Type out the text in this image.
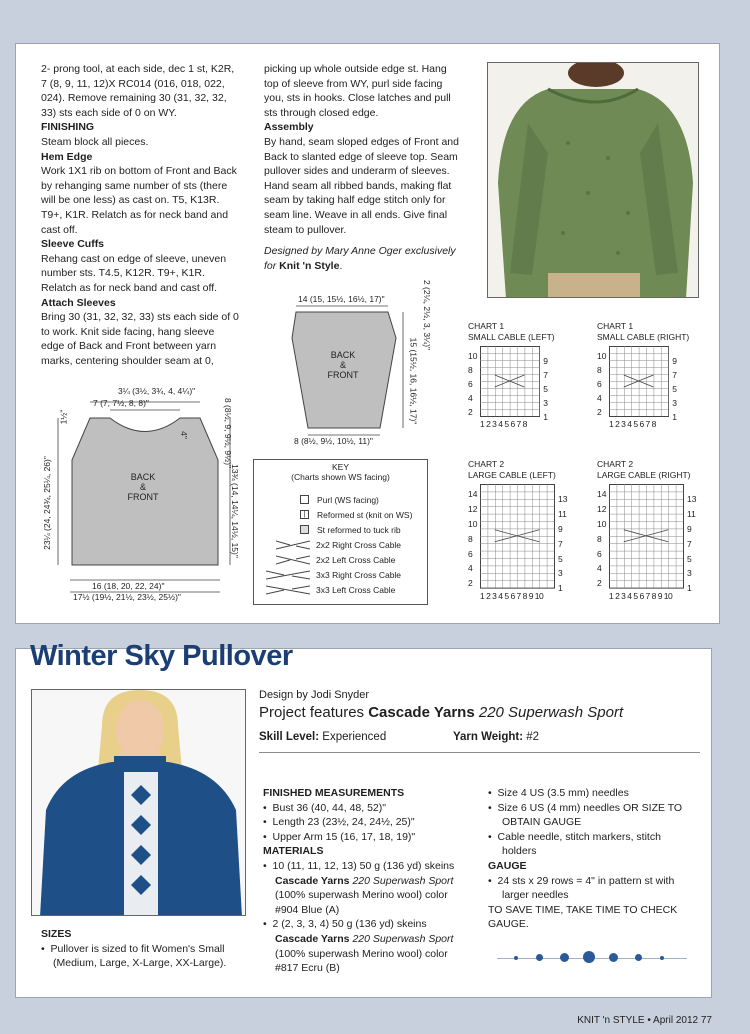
2- prong tool, at each side, dec 1 st, K2R,
7 (8, 9, 11, 12)X RC014 (016, 018, 022,
024). Remove remaining 30 (31, 32, 32,
33) sts each side of 0 on WY.
FINISHING
Steam block all pieces.
Hem Edge
Work 1X1 rib on bottom of Front and Back
by rehanging same number of sts (there
will be one less) as cast on. T5, K13R.
T9+, K1R. Relatch as for neck band and
cast off.
Sleeve Cuffs
Rehang cast on edge of sleeve, uneven
number sts. T4.5, K12R. T9+, K1R.
Relatch as for neck band and cast off.
Attach Sleeves
Bring 30 (31, 32, 32, 33) sts each side of 0
to work. Knit side facing, hang sleeve
edge of Back and Front between yarn
marks, centering shoulder seam at 0,
picking up whole outside edge st. Hang
top of sleeve from WY, purl side facing
you, sts in hooks. Close latches and pull
sts through closed edge.
Assembly
By hand, seam sloped edges of Front and
Back to slanted edge of sleeve top. Seam
pullover sides and underarm of sleeves.
Hand seam all ribbed bands, making flat
seam by taking half edge stitch only for
seam line. Weave in all ends. Give final
steam to pullover.
Designed by Mary Anne Oger exclusively
for Knit 'n Style.
BACK
&
FRONT
3¼ (3½, 3¾, 4, 4¼)"
7 (7, 7½, 8, 8)"
16 (18, 20, 22, 24)"
17½ (19½, 21½, 23½, 25½)"
23¼ (24, 24¾, 25¼, 26)"
1½"	8 (8½, 9, 9½, 9½)"
4"
13¾ (14, 14¼, 14½, 15)"
BACK
&
FRONT
14 (15, 15½, 16½, 17)"
8 (8½, 9½, 10½, 11)"
2 (2¼, 2½, 3, 3¼)"
15 (15½, 16, 16½, 17)"
KEY
(Charts shown WS facing)
Purl (WS facing)
|	Reformed st (knit on WS)
St reformed to tuck rib
2x2 Right Cross Cable
2x2 Left Cross Cable
3x3 Right Cross Cable
3x3 Left Cross Cable
CHART 1
SMALL CABLE (LEFT)
10
8
6
4
2
9
7
5
3
1
1 2 3 4 5 6 7 8
CHART 1
SMALL CABLE (RIGHT)
10
8
6
4
2
9
7
5
3
1
1 2 3 4 5 6 7 8
CHART 2
LARGE CABLE (LEFT)
14
12
10
8
6
4
2
13
11
9
7
5
3
1
1 2 3 4 5 6 7 8 9 10
CHART 2
LARGE CABLE (RIGHT)
14
12
10
8
6
4
2
13
11
9
7
5
3
1
1 2 3 4 5 6 7 8 9 10
Winter Sky Pullover
Design by Jodi Snyder
Project features Cascade Yarns 220 Superwash Sport
Skill Level: Experienced	Yarn Weight: #2
SIZES
•  Pullover is sized to fit Women's Small
(Medium, Large, X-Large, XX-Large).
FINISHED MEASUREMENTS
•  Bust 36 (40, 44, 48, 52)"
•  Length 23 (23½, 24, 24½, 25)"
•  Upper Arm 15 (16, 17, 18, 19)"
MATERIALS
•  10 (11, 11, 12, 13) 50 g (136 yd) skeins
Cascade Yarns 220 Superwash Sport
(100% superwash Merino wool) color
#904 Blue (A)
•  2 (2, 3, 3, 4) 50 g (136 yd) skeins
Cascade Yarns 220 Superwash Sport
(100% superwash Merino wool) color
#817 Ecru (B)
•  Size 4 US (3.5 mm) needles
•  Size 6 US (4 mm) needles OR SIZE TO
OBTAIN GAUGE
•  Cable needle, stitch markers, stitch
holders
GAUGE
•  24 sts x 29 rows = 4" in pattern st with
larger needles
TO SAVE TIME, TAKE TIME TO CHECK
GAUGE.
KNIT 'n STYLE • April 2012 77
